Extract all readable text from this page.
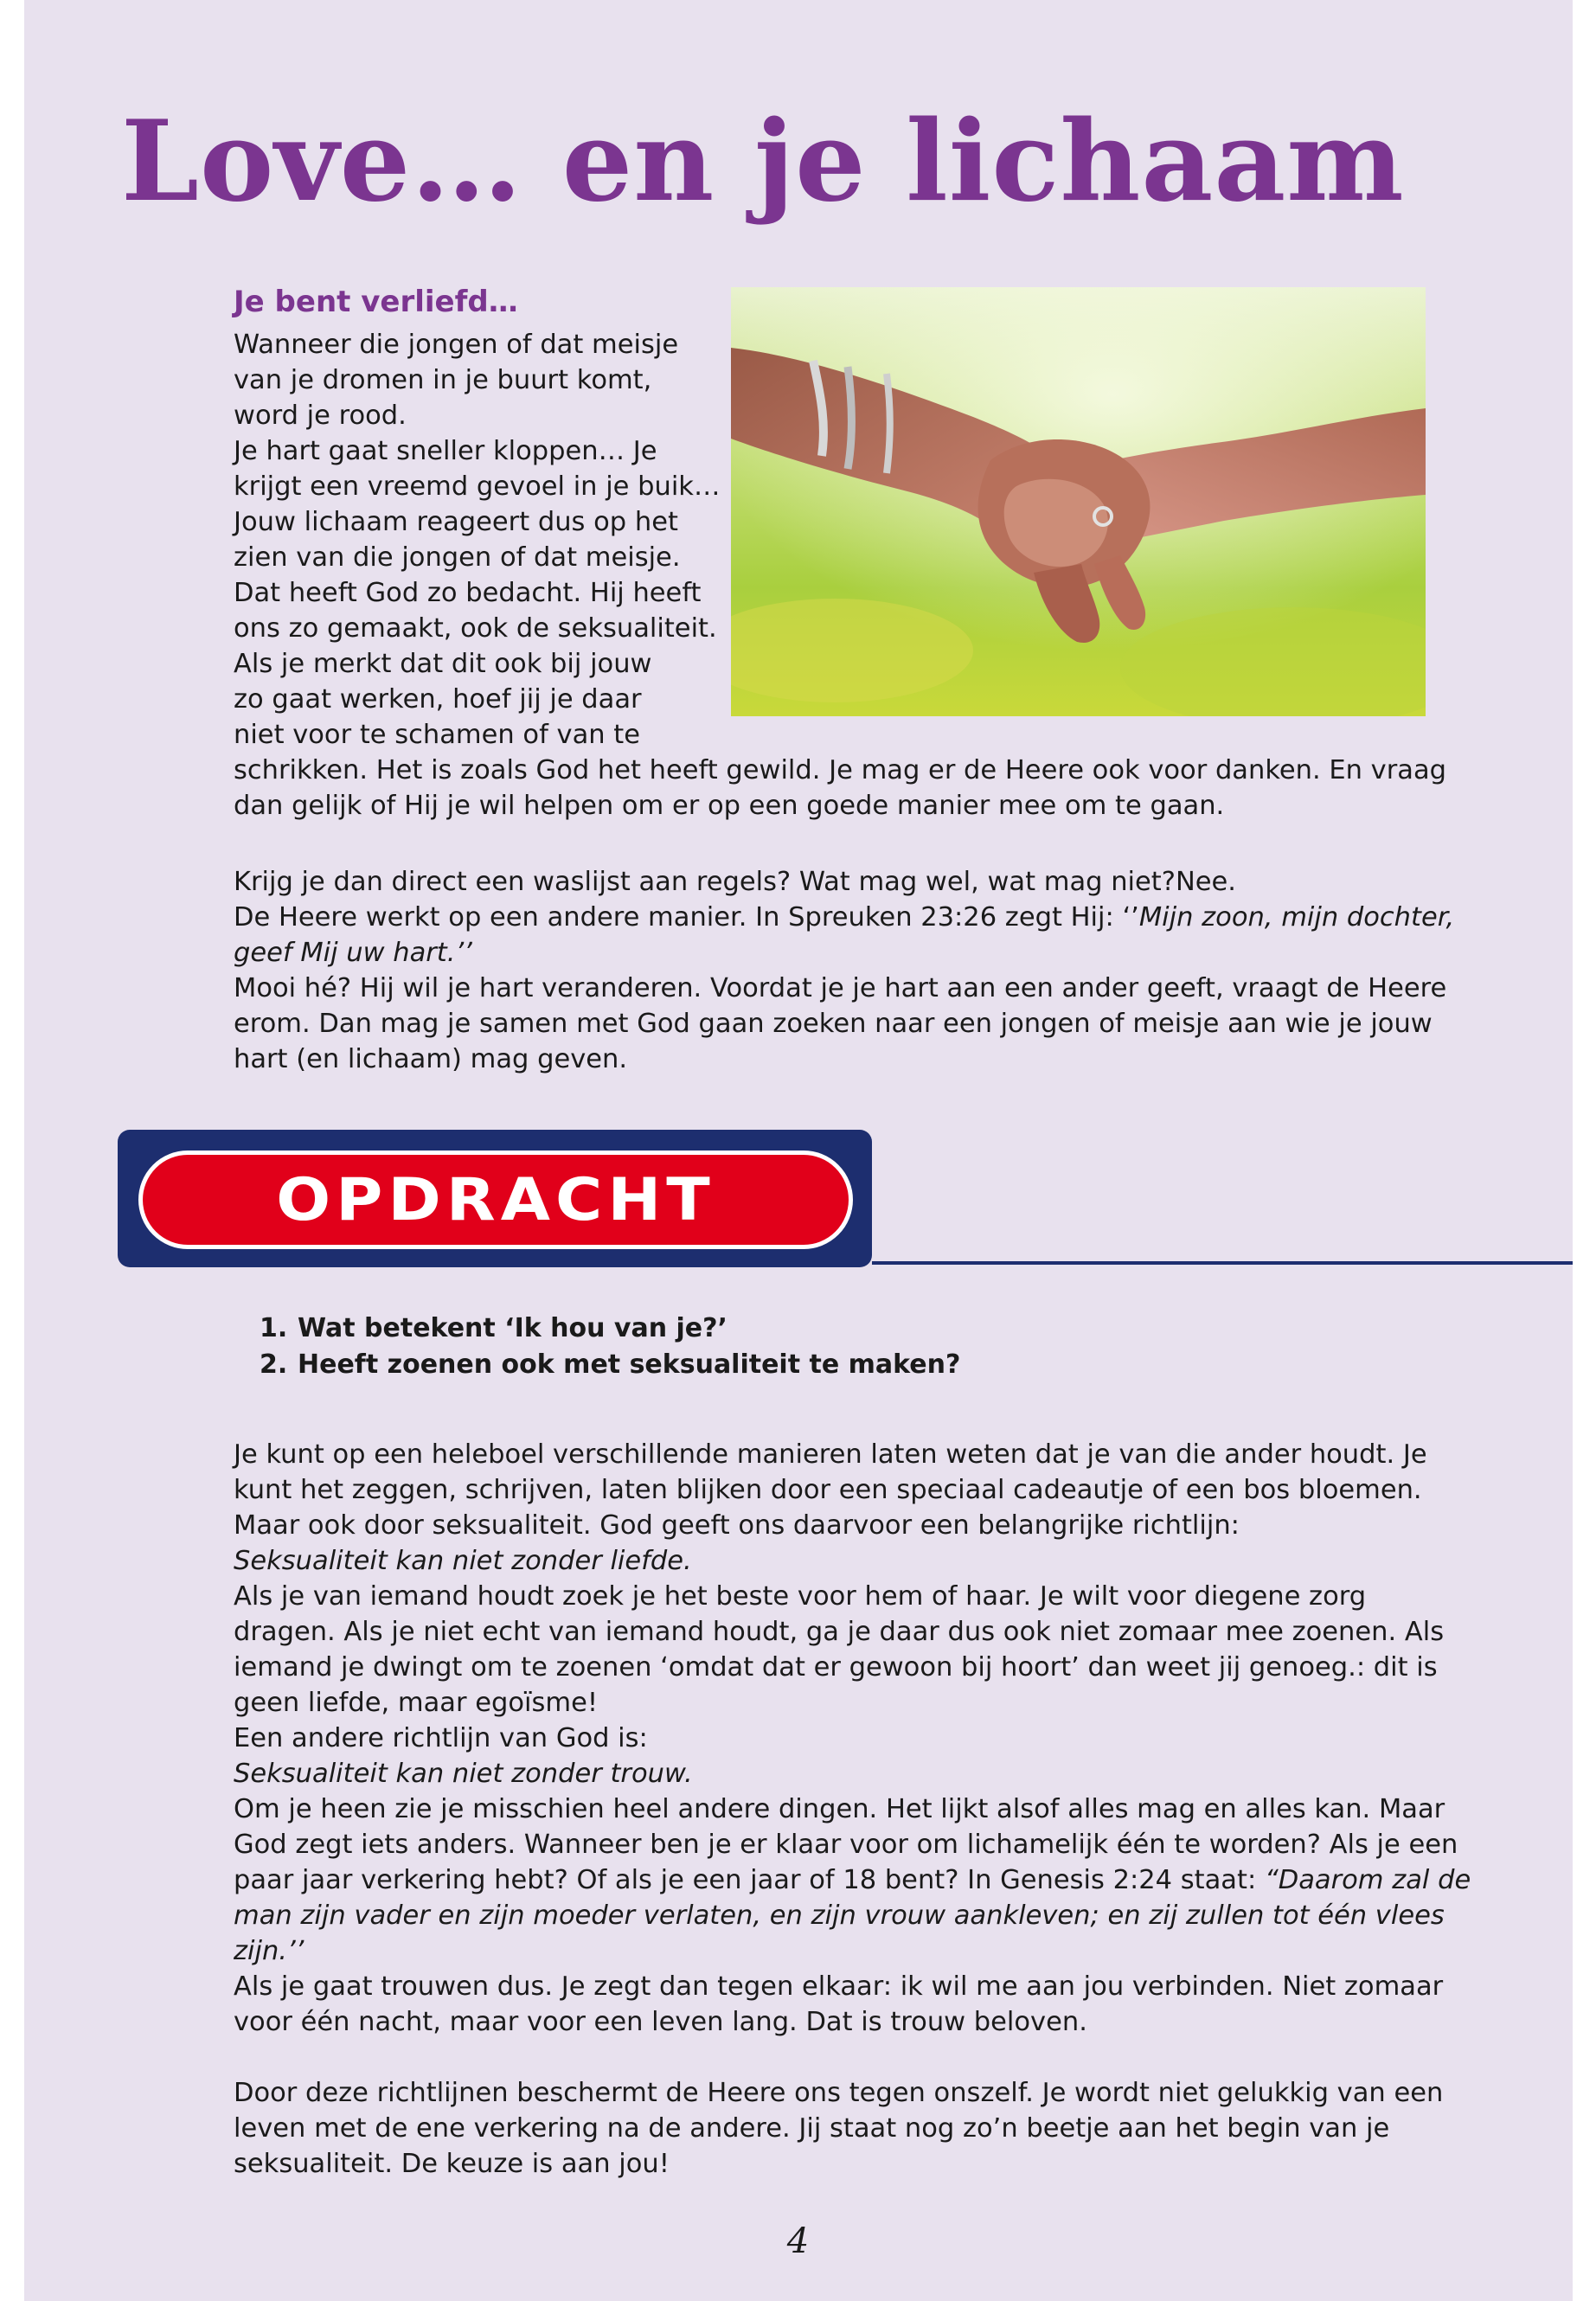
Love… en je lichaam
Je bent verliefd…
Wanneer die jongen of dat meisje
van je dromen in je buurt komt,
word je rood.
Je hart gaat sneller kloppen… Je
krijgt een vreemd gevoel in je buik…
Jouw lichaam reageert dus op het
zien van die jongen of dat meisje.
Dat heeft God zo bedacht. Hij heeft
ons zo gemaakt, ook de seksualiteit.
Als je merkt dat dit ook bij jouw
zo gaat werken, hoef jij je daar
niet voor te schamen of van te
schrikken. Het is zoals God het heeft gewild. Je mag er de Heere ook voor danken. En vraag
dan gelijk of Hij je wil helpen om er op een goede manier mee om te gaan.
Krijg je dan direct een waslijst aan regels? Wat mag wel, wat mag niet?Nee.
De Heere werkt op een andere manier. In Spreuken 23:26 zegt Hij: ‘’Mijn zoon, mijn dochter,
geef Mij uw hart.’’
Mooi hé? Hij wil je hart veranderen. Voordat je je hart aan een ander geeft, vraagt de Heere
erom. Dan mag je samen met God gaan zoeken naar een jongen of meisje aan wie je jouw
hart (en lichaam) mag geven.
OPDRACHT
1. Wat betekent ‘Ik hou van je?’
2. Heeft zoenen ook met seksualiteit te maken?
Je kunt op een heleboel verschillende manieren laten weten dat je van die ander houdt. Je
kunt het zeggen, schrijven, laten blijken door een speciaal cadeautje of een bos bloemen.
Maar ook door seksualiteit. God geeft ons daarvoor een belangrijke richtlijn:
Seksualiteit kan niet zonder liefde.
Als je van iemand houdt zoek je het beste voor hem of haar. Je wilt voor diegene zorg
dragen. Als je niet echt van iemand houdt, ga je daar dus ook niet zomaar mee zoenen. Als
iemand je dwingt om te zoenen ‘omdat dat er gewoon bij hoort’ dan weet jij genoeg.: dit is
geen liefde, maar egoïsme!
Een andere richtlijn van God is:
Seksualiteit kan niet zonder trouw.
Om je heen zie je misschien heel andere dingen. Het lijkt alsof alles mag en alles kan. Maar
God zegt iets anders. Wanneer ben je er klaar voor om lichamelijk één te worden? Als je een
paar jaar verkering hebt? Of als je een jaar of 18 bent? In Genesis 2:24 staat: “Daarom zal de
man zijn vader en zijn moeder verlaten, en zijn vrouw aankleven; en zij zullen tot één vlees
zijn.’’
Als je gaat trouwen dus. Je zegt dan tegen elkaar: ik wil me aan jou verbinden. Niet zomaar
voor één nacht, maar voor een leven lang. Dat is trouw beloven.
Door deze richtlijnen beschermt de Heere ons tegen onszelf. Je wordt niet gelukkig van een
leven met de ene verkering na de andere. Jij staat nog zo’n beetje aan het begin van je
seksualiteit. De keuze is aan jou!
4
